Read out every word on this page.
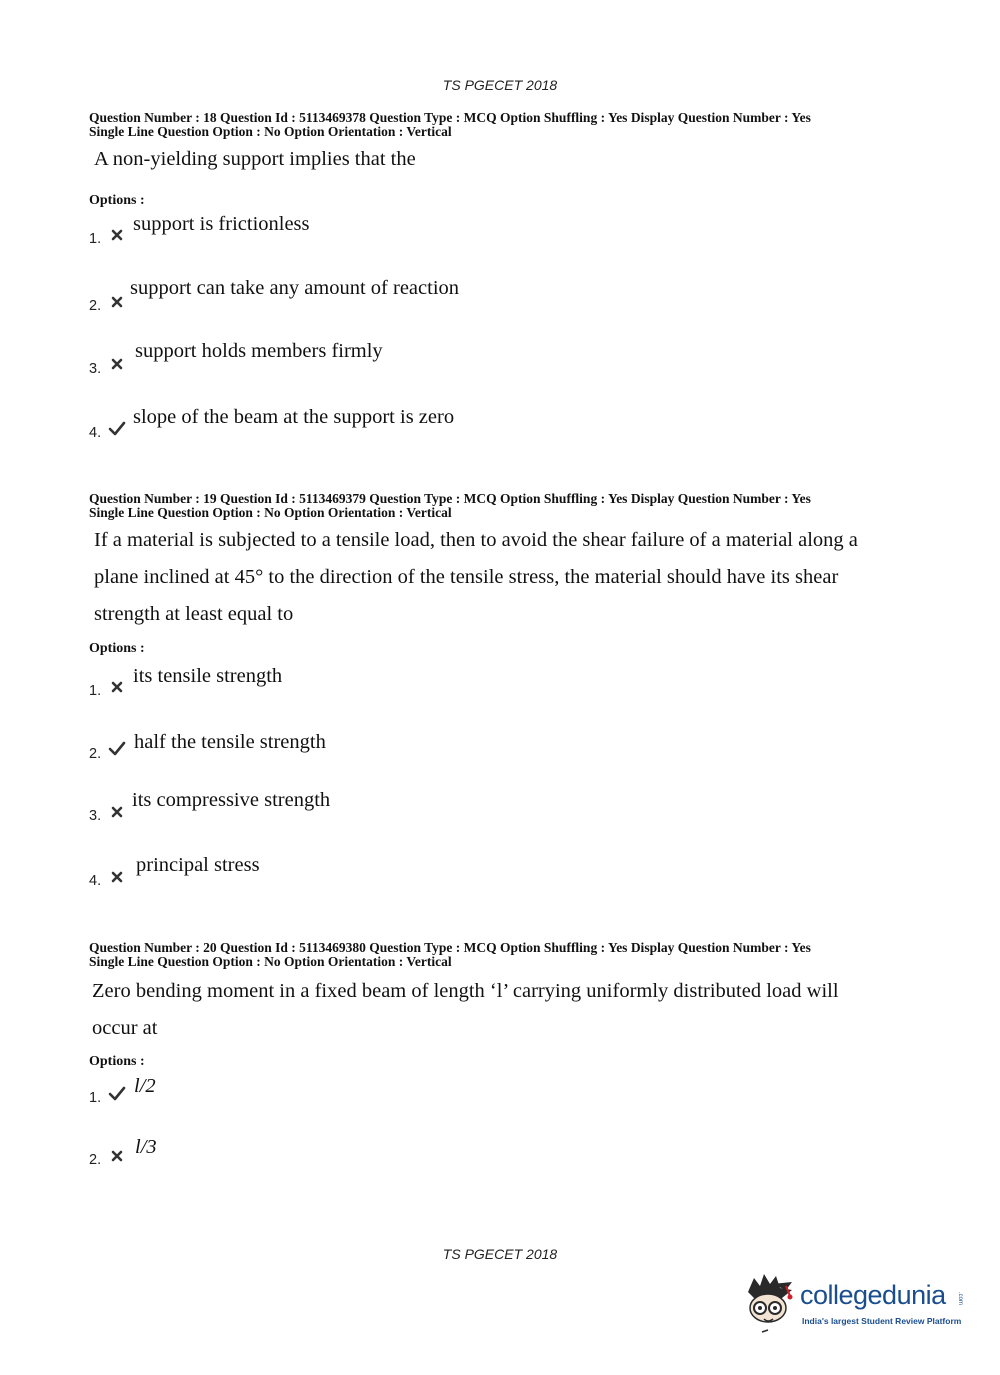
TS PGECET 2018
Question Number : 18 Question Id : 5113469378 Question Type : MCQ Option Shuffling : Yes Display Question Number : Yes
Single Line Question Option : No Option Orientation : Vertical
A non-yielding support implies that the
Options :
1.
support is frictionless
2.
support can take any amount of reaction
3.
support holds members firmly
4.
slope of the beam at the support is zero
Question Number : 19 Question Id : 5113469379 Question Type : MCQ Option Shuffling : Yes Display Question Number : Yes
Single Line Question Option : No Option Orientation : Vertical
If a material is subjected to a tensile load, then to avoid the shear failure of a material along a
plane inclined at 45° to the direction of the tensile stress, the material should have its shear
strength at least equal to
Options :
1.
its tensile strength
2.
half the tensile strength
3.
its compressive strength
4.
principal stress
Question Number : 20 Question Id : 5113469380 Question Type : MCQ Option Shuffling : Yes Display Question Number : Yes
Single Line Question Option : No Option Orientation : Vertical
Zero bending moment in a fixed beam of length ‘l’ carrying uniformly distributed load will
occur at
Options :
1.
l/2
2.
l/3
TS PGECET 2018
collegedunia .com
India's largest Student Review Platform
